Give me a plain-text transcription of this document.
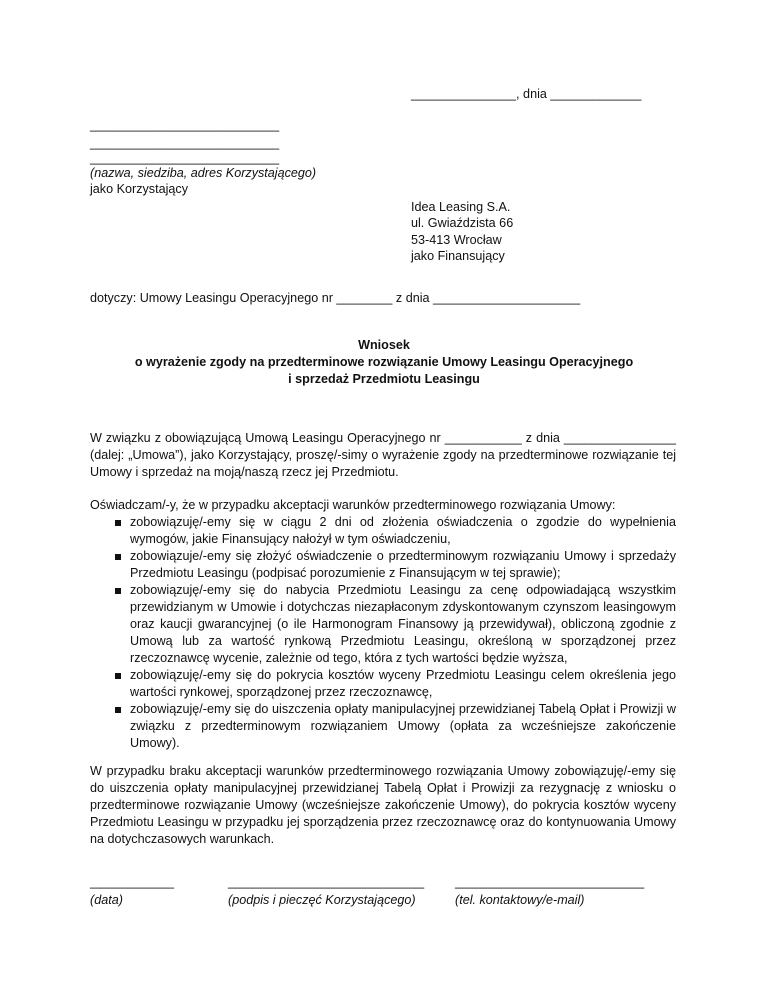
_______________, dnia _____________
___________________________
___________________________
___________________________
(nazwa, siedziba, adres Korzystającego)
jako Korzystający
Idea Leasing S.A.
ul. Gwiaździsta 66
53-413 Wrocław
jako Finansujący
dotyczy: Umowy Leasingu Operacyjnego nr ________ z dnia _____________________
Wniosek
o wyrażenie zgody na przedterminowe rozwiązanie Umowy Leasingu Operacyjnego
i sprzedaż Przedmiotu Leasingu
W związku z obowiązującą Umową Leasingu Operacyjnego nr ___________ z dnia ________________ (dalej: „Umowa”), jako Korzystający, proszę/-simy o wyrażenie zgody na przedterminowe rozwiązanie tej Umowy i sprzedaż na moją/naszą rzecz jej Przedmiotu.
Oświadczam/-y, że w przypadku akceptacji warunków przedterminowego rozwiązania Umowy:
zobowiązuję/-emy się w ciągu 2 dni od złożenia oświadczenia o zgodzie do wypełnienia wymogów, jakie Finansujący nałożył w tym oświadczeniu,
zobowiązuje/-emy się złożyć oświadczenie o przedterminowym rozwiązaniu Umowy i sprzedaży Przedmiotu Leasingu (podpisać porozumienie z Finansującym w tej sprawie);
zobowiązuję/-emy się do nabycia Przedmiotu Leasingu za cenę odpowiadającą wszystkim przewidzianym w Umowie i dotychczas niezapłaconym zdyskontowanym czynszom leasingowym oraz kaucji gwarancyjnej (o ile Harmonogram Finansowy ją przewidywał), obliczoną zgodnie z Umową lub za wartość rynkową Przedmiotu Leasingu, określoną w sporządzonej przez rzeczoznawcę wycenie, zależnie od tego, która z tych wartości będzie wyższa,
zobowiązuję/-emy się do pokrycia kosztów wyceny Przedmiotu Leasingu celem określenia jego wartości rynkowej, sporządzonej przez rzeczoznawcę,
zobowiązuję/-emy się do uiszczenia opłaty manipulacyjnej przewidzianej Tabelą Opłat i Prowizji w związku z przedterminowym rozwiązaniem Umowy (opłata za wcześniejsze zakończenie Umowy).
W przypadku braku akceptacji warunków przedterminowego rozwiązania Umowy zobowiązuję/-emy się do uiszczenia opłaty manipulacyjnej przewidzianej Tabelą Opłat i Prowizji za rezygnację z wniosku o przedterminowe rozwiązanie Umowy (wcześniejsze zakończenie Umowy), do pokrycia kosztów wyceny Przedmiotu Leasingu w przypadku jej sporządzenia przez rzeczoznawcę oraz do kontynuowania Umowy na dotychczasowych warunkach.
____________
(data)
____________________________
(podpis i pieczęć Korzystającego)
___________________________
(tel. kontaktowy/e-mail)
